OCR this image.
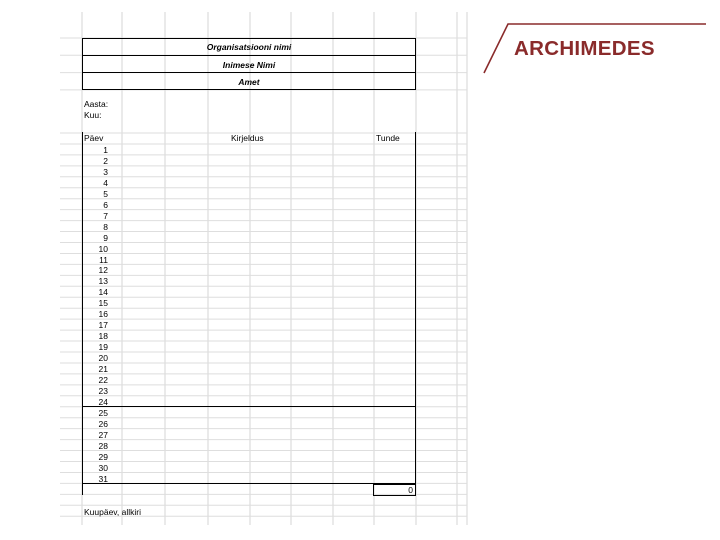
Organisatsiooni nimi
Inimese Nimi
Amet
Aasta:
Kuu:
Päev	Kirjeldus	Tunde
1
2
3
4
5
6
7
8
9
10
11
12
13
14
15
16
17
18
19
20
21
22
23
24
25
26
27
28
29
30
31
0
Kuupäev, allkiri
ARCHIMEDES
